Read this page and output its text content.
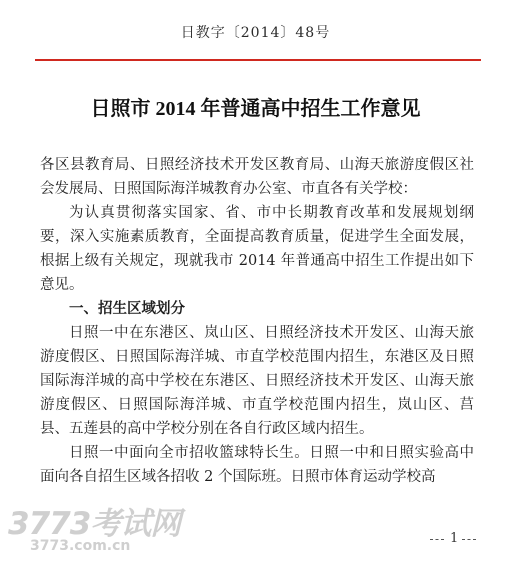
日教字〔2014〕48号
日照市 2014 年普通高中招生工作意见

各区县教育局、日照经济技术开发区教育局、山海天旅游度假区社会发展局、日照国际海洋城教育办公室、市直各有关学校：

为认真贯彻落实国家、省、市中长期教育改革和发展规划纲要，深入实施素质教育，全面提高教育质量，促进学生全面发展，根据上级有关规定，现就我市 2014 年普通高中招生工作提出如下意见。

一、招生区域划分

日照一中在东港区、岚山区、日照经济技术开发区、山海天旅游度假区、日照国际海洋城、市直学校范围内招生，东港区及日照国际海洋城的高中学校在东港区、日照经济技术开发区、山海天旅游度假区、日照国际海洋城、市直学校范围内招生，岚山区、莒县、五莲县的高中学校分别在各自行政区域内招生。

日照一中面向全市招收篮球特长生。日照一中和日照实验高中面向各自招生区域各招收 2 个国际班。日照市体育运动学校高

3773考试网
3773.com.cn	1
